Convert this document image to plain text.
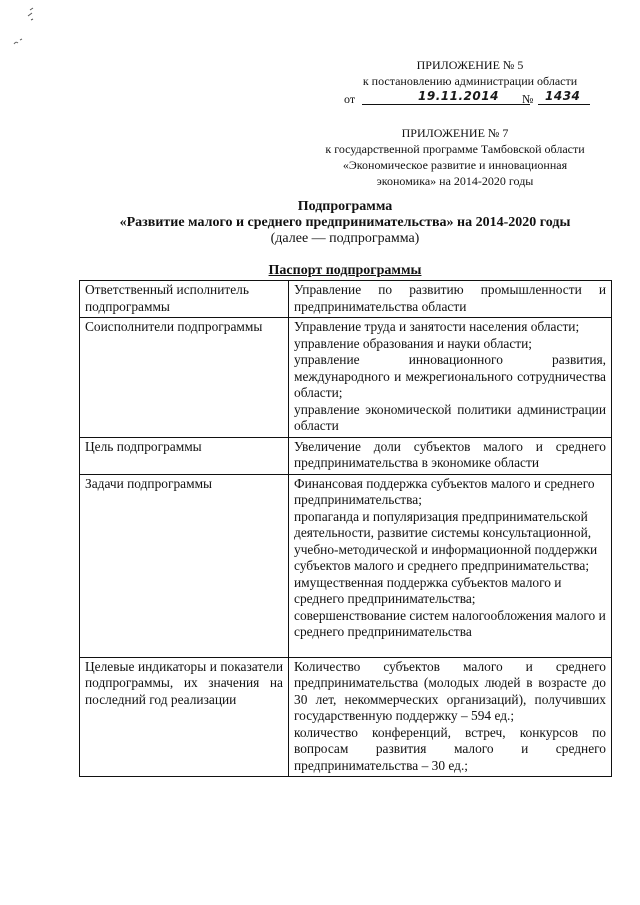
ПРИЛОЖЕНИЕ № 5
к постановлению администрации области
от	19.11.2014 № 1434
ПРИЛОЖЕНИЕ № 7
к государственной программе Тамбовской области
«Экономическое развитие и инновационная
экономика» на 2014-2020 годы
Подпрограмма
«Развитие малого и среднего предпринимательства» на 2014-2020 годы
(далее — подпрограмма)
Паспорт подпрограммы
Ответственный исполнитель подпрограммы	Управление по развитию промышленности и предпринимательства области

Соисполнители подпрограммы	Управление труда и занятости населения области;
управление образования и науки области;
управление инновационного развития, международного и межрегионального сотрудничества области;
управление экономической политики администрации области

Цель подпрограммы	Увеличение доли субъектов малого и среднего предпринимательства в экономике области

Задачи подпрограммы	Финансовая поддержка субъектов малого и среднего предпринимательства;
пропаганда и популяризация предпринимательской деятельности, развитие системы консультационной, учебно-методической и информационной поддержки субъектов малого и среднего предпринимательства;
имущественная поддержка субъектов малого и среднего предпринимательства;
совершенствование систем налогообложения малого и среднего предпринимательства

Целевые индикаторы и показатели подпрограммы, их значения на последний год реализации	Количество субъектов малого и среднего предпринимательства (молодых людей в возрасте до 30 лет, некоммерческих организаций), получивших государственную поддержку – 594 ед.;
количество конференций, встреч, конкурсов по вопросам развития малого и среднего предпринимательства – 30 ед.;
